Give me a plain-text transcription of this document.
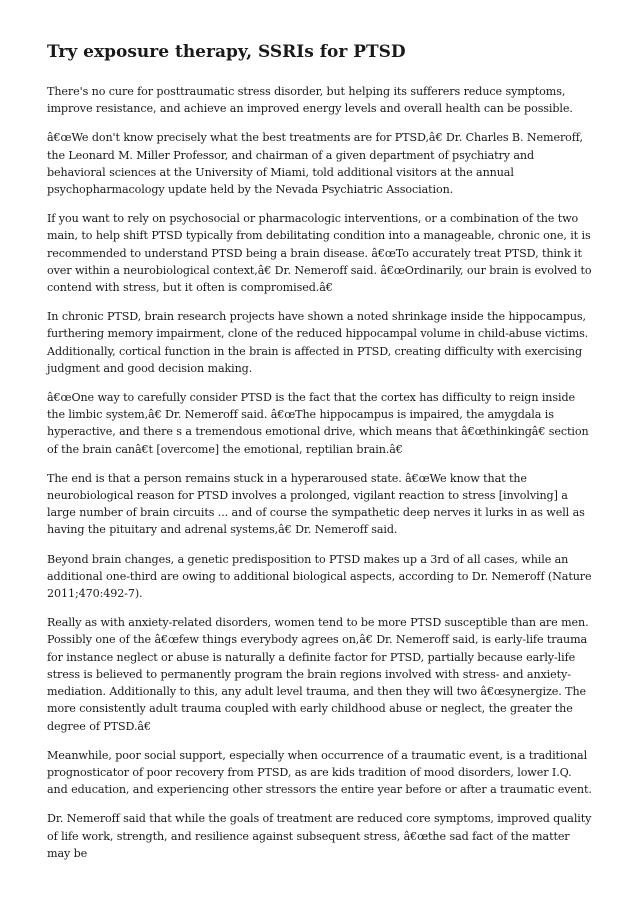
Try exposure therapy, SSRIs for PTSD

There's no cure for posttraumatic stress disorder, but helping its sufferers reduce symptoms, improve resistance, and achieve an improved energy levels and overall health can be possible.

â€œWe don't know precisely what the best treatments are for PTSD,â€ Dr. Charles B. Nemeroff, the Leonard M. Miller Professor, and chairman of a given department of psychiatry and behavioral sciences at the University of Miami, told additional visitors at the annual psychopharmacology update held by the Nevada Psychiatric Association.

If you want to rely on psychosocial or pharmacologic interventions, or a combination of the two main, to help shift PTSD typically from debilitating condition into a manageable, chronic one, it is recommended to understand PTSD being a brain disease. â€œTo accurately treat PTSD, think it over within a neurobiological context,â€ Dr. Nemeroff said. â€œOrdinarily, our brain is evolved to contend with stress, but it often is compromised.â€

In chronic PTSD, brain research projects have shown a noted shrinkage inside the hippocampus, furthering memory impairment, clone of the reduced hippocampal volume in child-abuse victims. Additionally, cortical function in the brain is affected in PTSD, creating difficulty with exercising judgment and good decision making.

â€œOne way to carefully consider PTSD is the fact that the cortex has difficulty to reign inside the limbic system,â€ Dr. Nemeroff said. â€œThe hippocampus is impaired, the amygdala is hyperactive, and there s a tremendous emotional drive, which means that â€œthinkingâ€ section of the brain canâ€t [overcome] the emotional, reptilian brain.â€

The end is that a person remains stuck in a hyperaroused state. â€œWe know that the neurobiological reason for PTSD involves a prolonged, vigilant reaction to stress [involving] a large number of brain circuits ... and of course the sympathetic deep nerves it lurks in as well as having the pituitary and adrenal systems,â€ Dr. Nemeroff said.

Beyond brain changes, a genetic predisposition to PTSD makes up a 3rd of all cases, while an additional one-third are owing to additional biological aspects, according to Dr. Nemeroff (Nature 2011;470:492-7).

Really as with anxiety-related disorders, women tend to be more PTSD susceptible than are men. Possibly one of the â€œfew things everybody agrees on,â€ Dr. Nemeroff said, is early-life trauma for instance neglect or abuse is naturally a definite factor for PTSD, partially because early-life stress is believed to permanently program the brain regions involved with stress- and anxiety-mediation. Additionally to this, any adult level trauma, and then they will two â€œsynergize. The more consistently adult trauma coupled with early childhood abuse or neglect, the greater the degree of PTSD.â€

Meanwhile, poor social support, especially when occurrence of a traumatic event, is a traditional prognosticator of poor recovery from PTSD, as are kids tradition of mood disorders, lower I.Q. and education, and experiencing other stressors the entire year before or after a traumatic event.

Dr. Nemeroff said that while the goals of treatment are reduced core symptoms, improved quality of life work, strength, and resilience against subsequent stress, â€œthe sad fact of the matter may be
